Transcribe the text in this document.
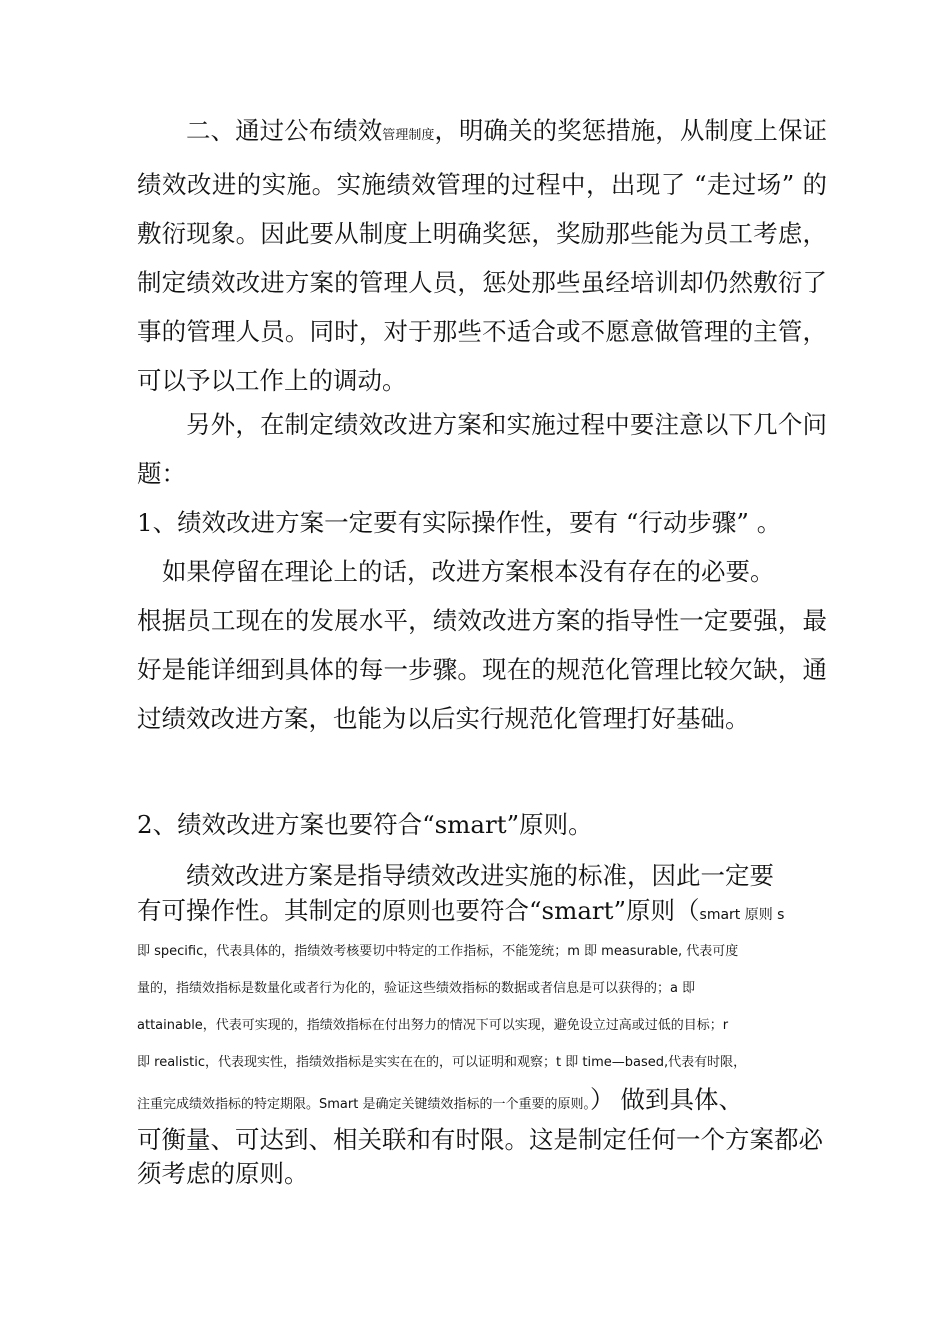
二、通过公布绩效管理制度，明确关的奖惩措施，从制度上保证绩效改进的实施。实施绩效管理的过程中，出现了 “走过场” 的敷衍现象。因此要从制度上明确奖惩，奖励那些能为员工考虑，制定绩效改进方案的管理人员，惩处那些虽经培训却仍然敷衍了事的管理人员。同时，对于那些不适合或不愿意做管理的主管，可以予以工作上的调动。
另外，在制定绩效改进方案和实施过程中要注意以下几个问题：
1、绩效改进方案一定要有实际操作性，要有 “行动步骤” 。
如果停留在理论上的话，改进方案根本没有存在的必要。
根据员工现在的发展水平，绩效改进方案的指导性一定要强，最好是能详细到具体的每一步骤。现在的规范化管理比较欠缺，通过绩效改进方案，也能为以后实行规范化管理打好基础。
2、绩效改进方案也要符合“smart”原则。
绩效改进方案是指导绩效改进实施的标准，因此一定要
有可操作性。其制定的原则也要符合“smart”原则（smart 原则 s
即 specific，代表具体的，指绩效考核要切中特定的工作指标，不能笼统；m 即 measurable, 代表可度
量的，指绩效指标是数量化或者行为化的，验证这些绩效指标的数据或者信息是可以获得的；a 即
attainable，代表可实现的，指绩效指标在付出努力的情况下可以实现，避免设立过高或过低的目标；r
即 realistic，代表现实性，指绩效指标是实实在在的，可以证明和观察；t 即 time—based,代表有时限，
注重完成绩效指标的特定期限。Smart 是确定关键绩效指标的一个重要的原则。） 做到具体、
可衡量、可达到、相关联和有时限。这是制定任何一个方案都必须考虑的原则。
